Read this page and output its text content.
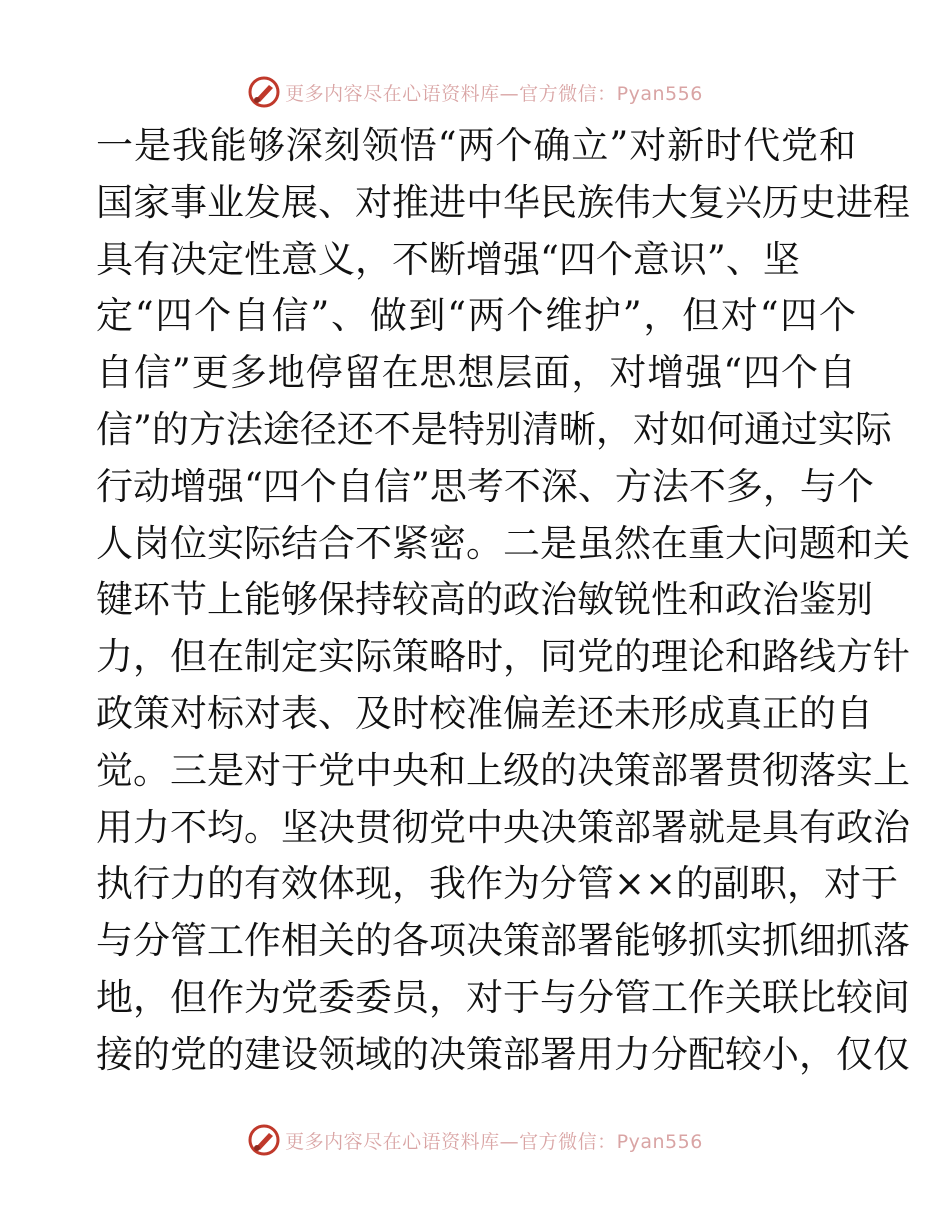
更多内容尽在心语资料库—官方微信：Pyan556
一是我能够深刻领悟“两个确立”对新时代党和
国家事业发展、对推进中华民族伟大复兴历史进程
具有决定性意义，不断增强“四个意识”、坚
定“四个自信”、做到“两个维护”，但对“四个
自信”更多地停留在思想层面，对增强“四个自
信”的方法途径还不是特别清晰，对如何通过实际
行动增强“四个自信”思考不深、方法不多，与个
人岗位实际结合不紧密。二是虽然在重大问题和关
键环节上能够保持较高的政治敏锐性和政治鉴别
力，但在制定实际策略时，同党的理论和路线方针
政策对标对表、及时校准偏差还未形成真正的自
觉。三是对于党中央和上级的决策部署贯彻落实上
用力不均。坚决贯彻党中央决策部署就是具有政治
执行力的有效体现，我作为分管××的副职，对于
与分管工作相关的各项决策部署能够抓实抓细抓落
地，但作为党委委员，对于与分管工作关联比较间
接的党的建设领域的决策部署用力分配较小，仅仅
更多内容尽在心语资料库—官方微信：Pyan556
